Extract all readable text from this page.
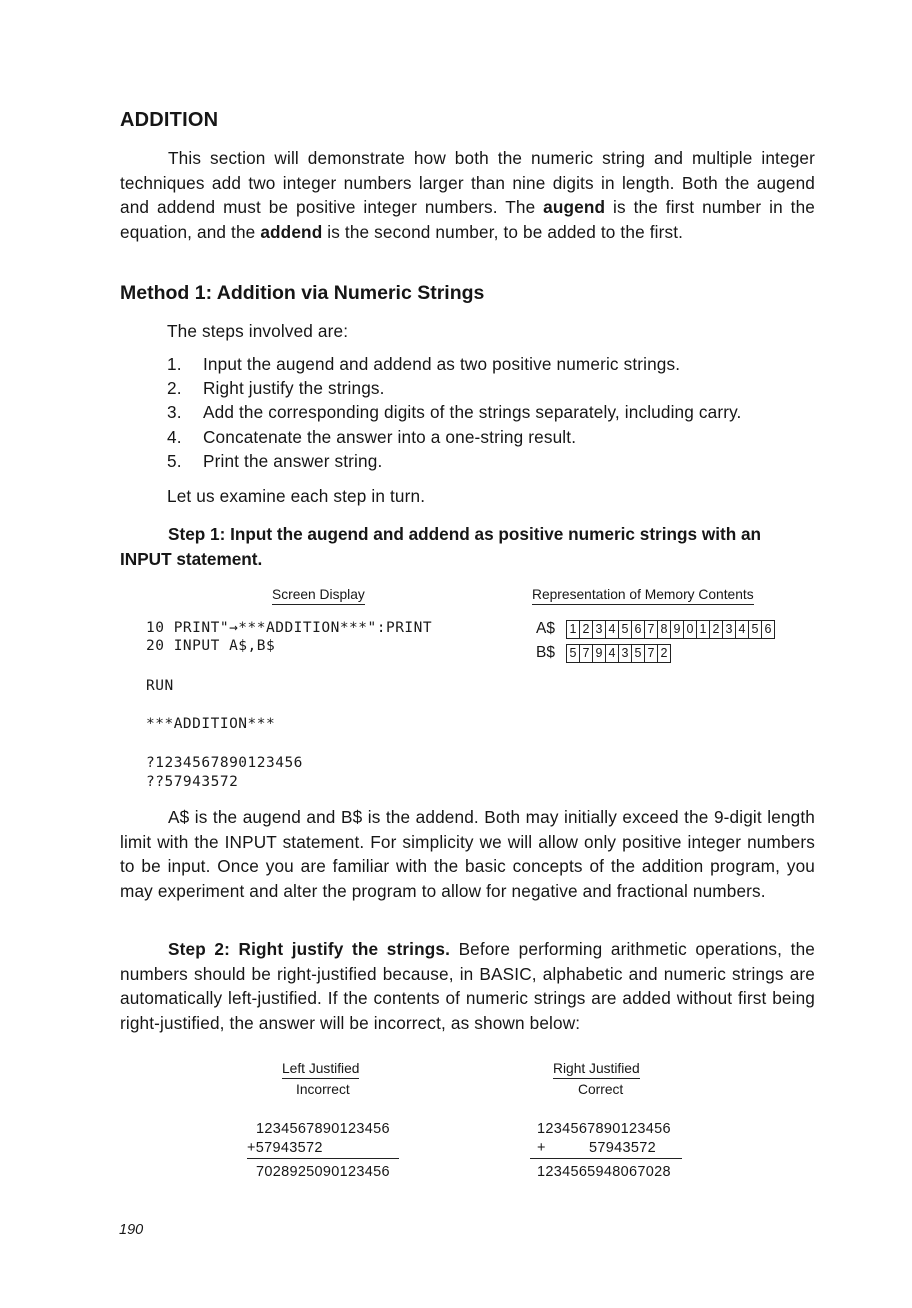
ADDITION
This section will demonstrate how both the numeric string and multiple integer techniques add two integer numbers larger than nine digits in length. Both the augend and addend must be positive integer numbers. The augend is the first number in the equation, and the addend is the second number, to be added to the first.
Method 1: Addition via Numeric Strings
The steps involved are:
1. Input the augend and addend as two positive numeric strings.
2. Right justify the strings.
3. Add the corresponding digits of the strings separately, including carry.
4. Concatenate the answer into a one-string result.
5. Print the answer string.
Let us examine each step in turn.
Step 1: Input the augend and addend as positive numeric strings with an INPUT statement.
Screen Display	Representation of Memory Contents
10 PRINT"→***ADDITION***":PRINT
20 INPUT A$,B$
RUN
***ADDITION***
?1234567890123456
??57943572
A$ 1 2 3 4 5 6 7 8 9 0 1 2 3 4 5 6
B$ 5 7 9 4 3 5 7 2
A$ is the augend and B$ is the addend. Both may initially exceed the 9-digit length limit with the INPUT statement. For simplicity we will allow only positive integer numbers to be input. Once you are familiar with the basic concepts of the addition program, you may experiment and alter the program to allow for negative and fractional numbers.
Step 2: Right justify the strings. Before performing arithmetic operations, the numbers should be right-justified because, in BASIC, alphabetic and numeric strings are automatically left-justified. If the contents of numeric strings are added without first being right-justified, the answer will be incorrect, as shown below:
Left Justified
Incorrect
Right Justified
Correct
1234567890123456
+57943572
7028925090123456
1234567890123456
+          57943572
1234565948067028
190
